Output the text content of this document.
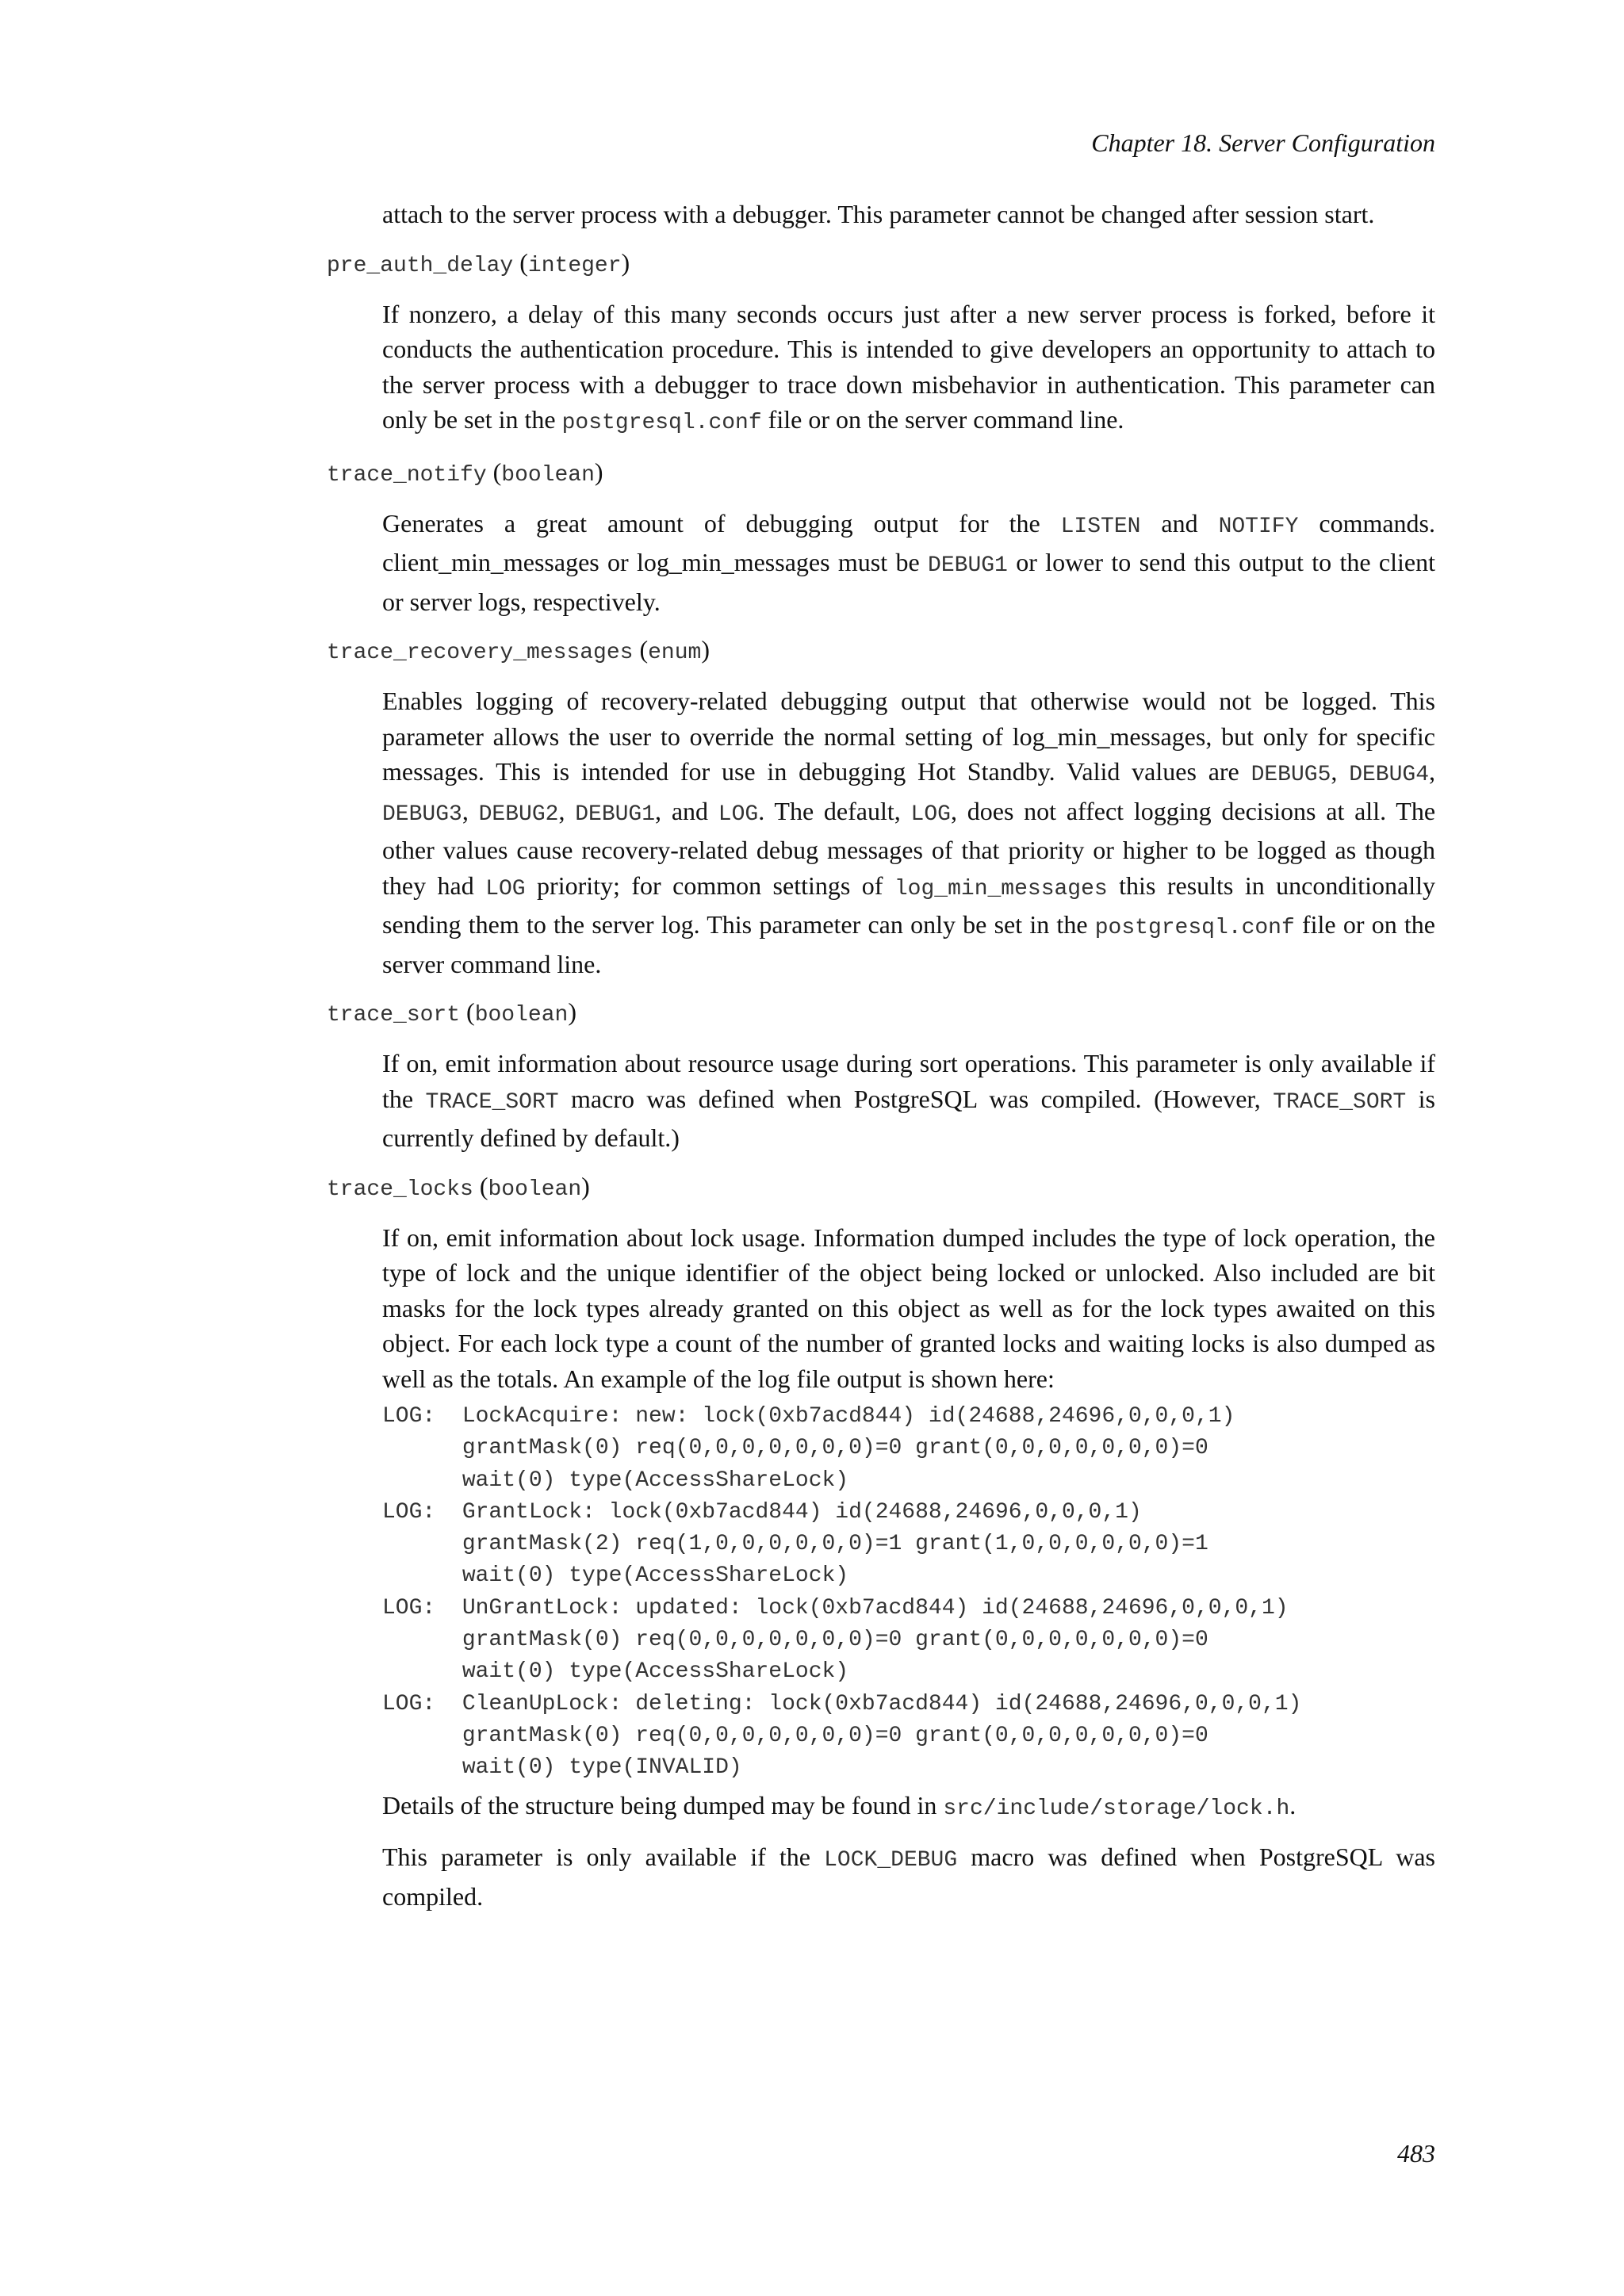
Chapter 18. Server Configuration

attach to the server process with a debugger. This parameter cannot be changed after session start.

pre_auth_delay (integer)

If nonzero, a delay of this many seconds occurs just after a new server process is forked, before it conducts the authentication procedure. This is intended to give developers an opportunity to attach to the server process with a debugger to trace down misbehavior in authentication. This parameter can only be set in the postgresql.conf file or on the server command line.

trace_notify (boolean)

Generates a great amount of debugging output for the LISTEN and NOTIFY commands. client_min_messages or log_min_messages must be DEBUG1 or lower to send this output to the client or server logs, respectively.

trace_recovery_messages (enum)

Enables logging of recovery-related debugging output that otherwise would not be logged. This parameter allows the user to override the normal setting of log_min_messages, but only for specific messages. This is intended for use in debugging Hot Standby. Valid values are DEBUG5, DEBUG4, DEBUG3, DEBUG2, DEBUG1, and LOG. The default, LOG, does not affect logging decisions at all. The other values cause recovery-related debug messages of that priority or higher to be logged as though they had LOG priority; for common settings of log_min_messages this results in unconditionally sending them to the server log. This parameter can only be set in the postgresql.conf file or on the server command line.

trace_sort (boolean)

If on, emit information about resource usage during sort operations. This parameter is only available if the TRACE_SORT macro was defined when PostgreSQL was compiled. (However, TRACE_SORT is currently defined by default.)

trace_locks (boolean)

If on, emit information about lock usage. Information dumped includes the type of lock operation, the type of lock and the unique identifier of the object being locked or unlocked. Also included are bit masks for the lock types already granted on this object as well as for the lock types awaited on this object. For each lock type a count of the number of granted locks and waiting locks is also dumped as well as the totals. An example of the log file output is shown here:

LOG:  LockAcquire: new: lock(0xb7acd844) id(24688,24696,0,0,0,1)
grantMask(0) req(0,0,0,0,0,0,0)=0 grant(0,0,0,0,0,0,0)=0
wait(0) type(AccessShareLock)
LOG:  GrantLock: lock(0xb7acd844) id(24688,24696,0,0,0,1)
grantMask(2) req(1,0,0,0,0,0,0)=1 grant(1,0,0,0,0,0,0)=1
wait(0) type(AccessShareLock)
LOG:  UnGrantLock: updated: lock(0xb7acd844) id(24688,24696,0,0,0,1)
grantMask(0) req(0,0,0,0,0,0,0)=0 grant(0,0,0,0,0,0,0)=0
wait(0) type(AccessShareLock)
LOG:  CleanUpLock: deleting: lock(0xb7acd844) id(24688,24696,0,0,0,1)
grantMask(0) req(0,0,0,0,0,0,0)=0 grant(0,0,0,0,0,0,0)=0
wait(0) type(INVALID)

Details of the structure being dumped may be found in src/include/storage/lock.h.

This parameter is only available if the LOCK_DEBUG macro was defined when PostgreSQL was compiled.

483
